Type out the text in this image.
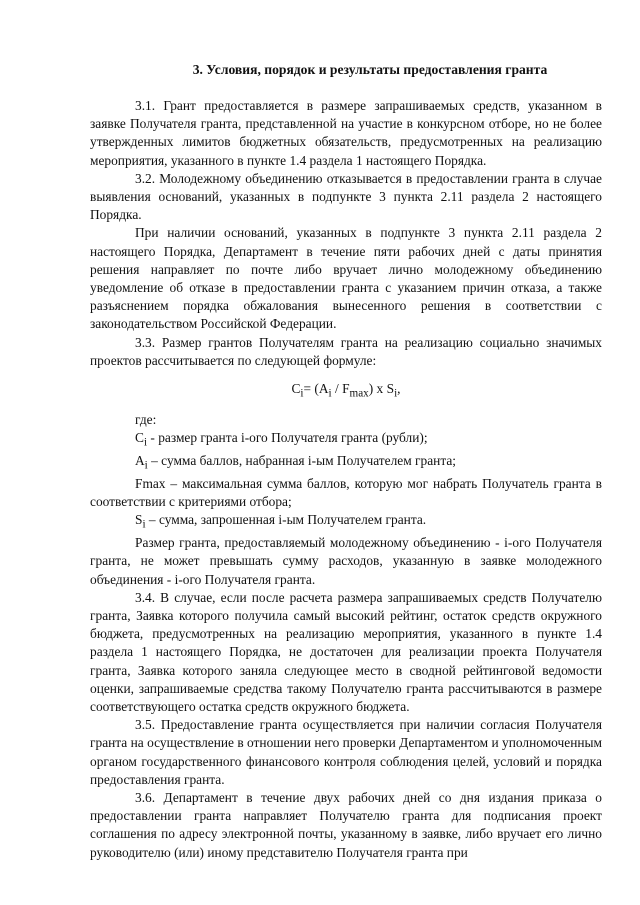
3. Условия, порядок и результаты предоставления гранта

3.1. Грант предоставляется в размере запрашиваемых средств, указанном в заявке Получателя гранта, представленной на участие в конкурсном отборе, но не более утвержденных лимитов бюджетных обязательств, предусмотренных на реализацию мероприятия, указанного в пункте 1.4 раздела 1 настоящего Порядка.

3.2. Молодежному объединению отказывается в предоставлении гранта в случае выявления оснований, указанных в подпункте 3 пункта 2.11 раздела 2 настоящего Порядка.

При наличии оснований, указанных в подпункте 3 пункта 2.11 раздела 2 настоящего Порядка, Департамент в течение пяти рабочих дней с даты принятия решения направляет по почте либо вручает лично молодежному объединению уведомление об отказе в предоставлении гранта с указанием причин отказа, а также разъяснением порядка обжалования вынесенного решения в соответствии с законодательством Российской Федерации.

3.3. Размер грантов Получателям гранта на реализацию социально значимых проектов рассчитывается по следующей формуле:

$C_i= (A_i / F_{max})$ x $S_i$,

где:

$C_i$ - размер гранта i-ого Получателя гранта (рубли);

$A_i$ – сумма баллов, набранная i-ым Получателем гранта;

Fmax – максимальная сумма баллов, которую мог набрать Получатель гранта в соответствии с критериями отбора;

$S_i$ – сумма, запрошенная i-ым Получателем гранта.

Размер гранта, предоставляемый молодежному объединению - i-ого Получателя гранта, не может превышать сумму расходов, указанную в заявке молодежного объединения - i-ого Получателя гранта.

3.4. В случае, если после расчета размера запрашиваемых средств Получателю гранта, Заявка которого получила самый высокий рейтинг, остаток средств окружного бюджета, предусмотренных на реализацию мероприятия, указанного в пункте 1.4 раздела 1 настоящего Порядка, не достаточен для реализации проекта Получателя гранта, Заявка которого заняла следующее место в сводной рейтинговой ведомости оценки, запрашиваемые средства такому Получателю гранта рассчитываются в размере соответствующего остатка средств окружного бюджета.

3.5. Предоставление гранта осуществляется при наличии согласия Получателя гранта на осуществление в отношении него проверки Департаментом и уполномоченным органом государственного финансового контроля соблюдения целей, условий и порядка предоставления гранта.

3.6. Департамент в течение двух рабочих дней со дня издания приказа о предоставлении гранта направляет Получателю гранта для подписания проект соглашения по адресу электронной почты, указанному в заявке, либо вручает его лично руководителю (или) иному представителю Получателя гранта при
